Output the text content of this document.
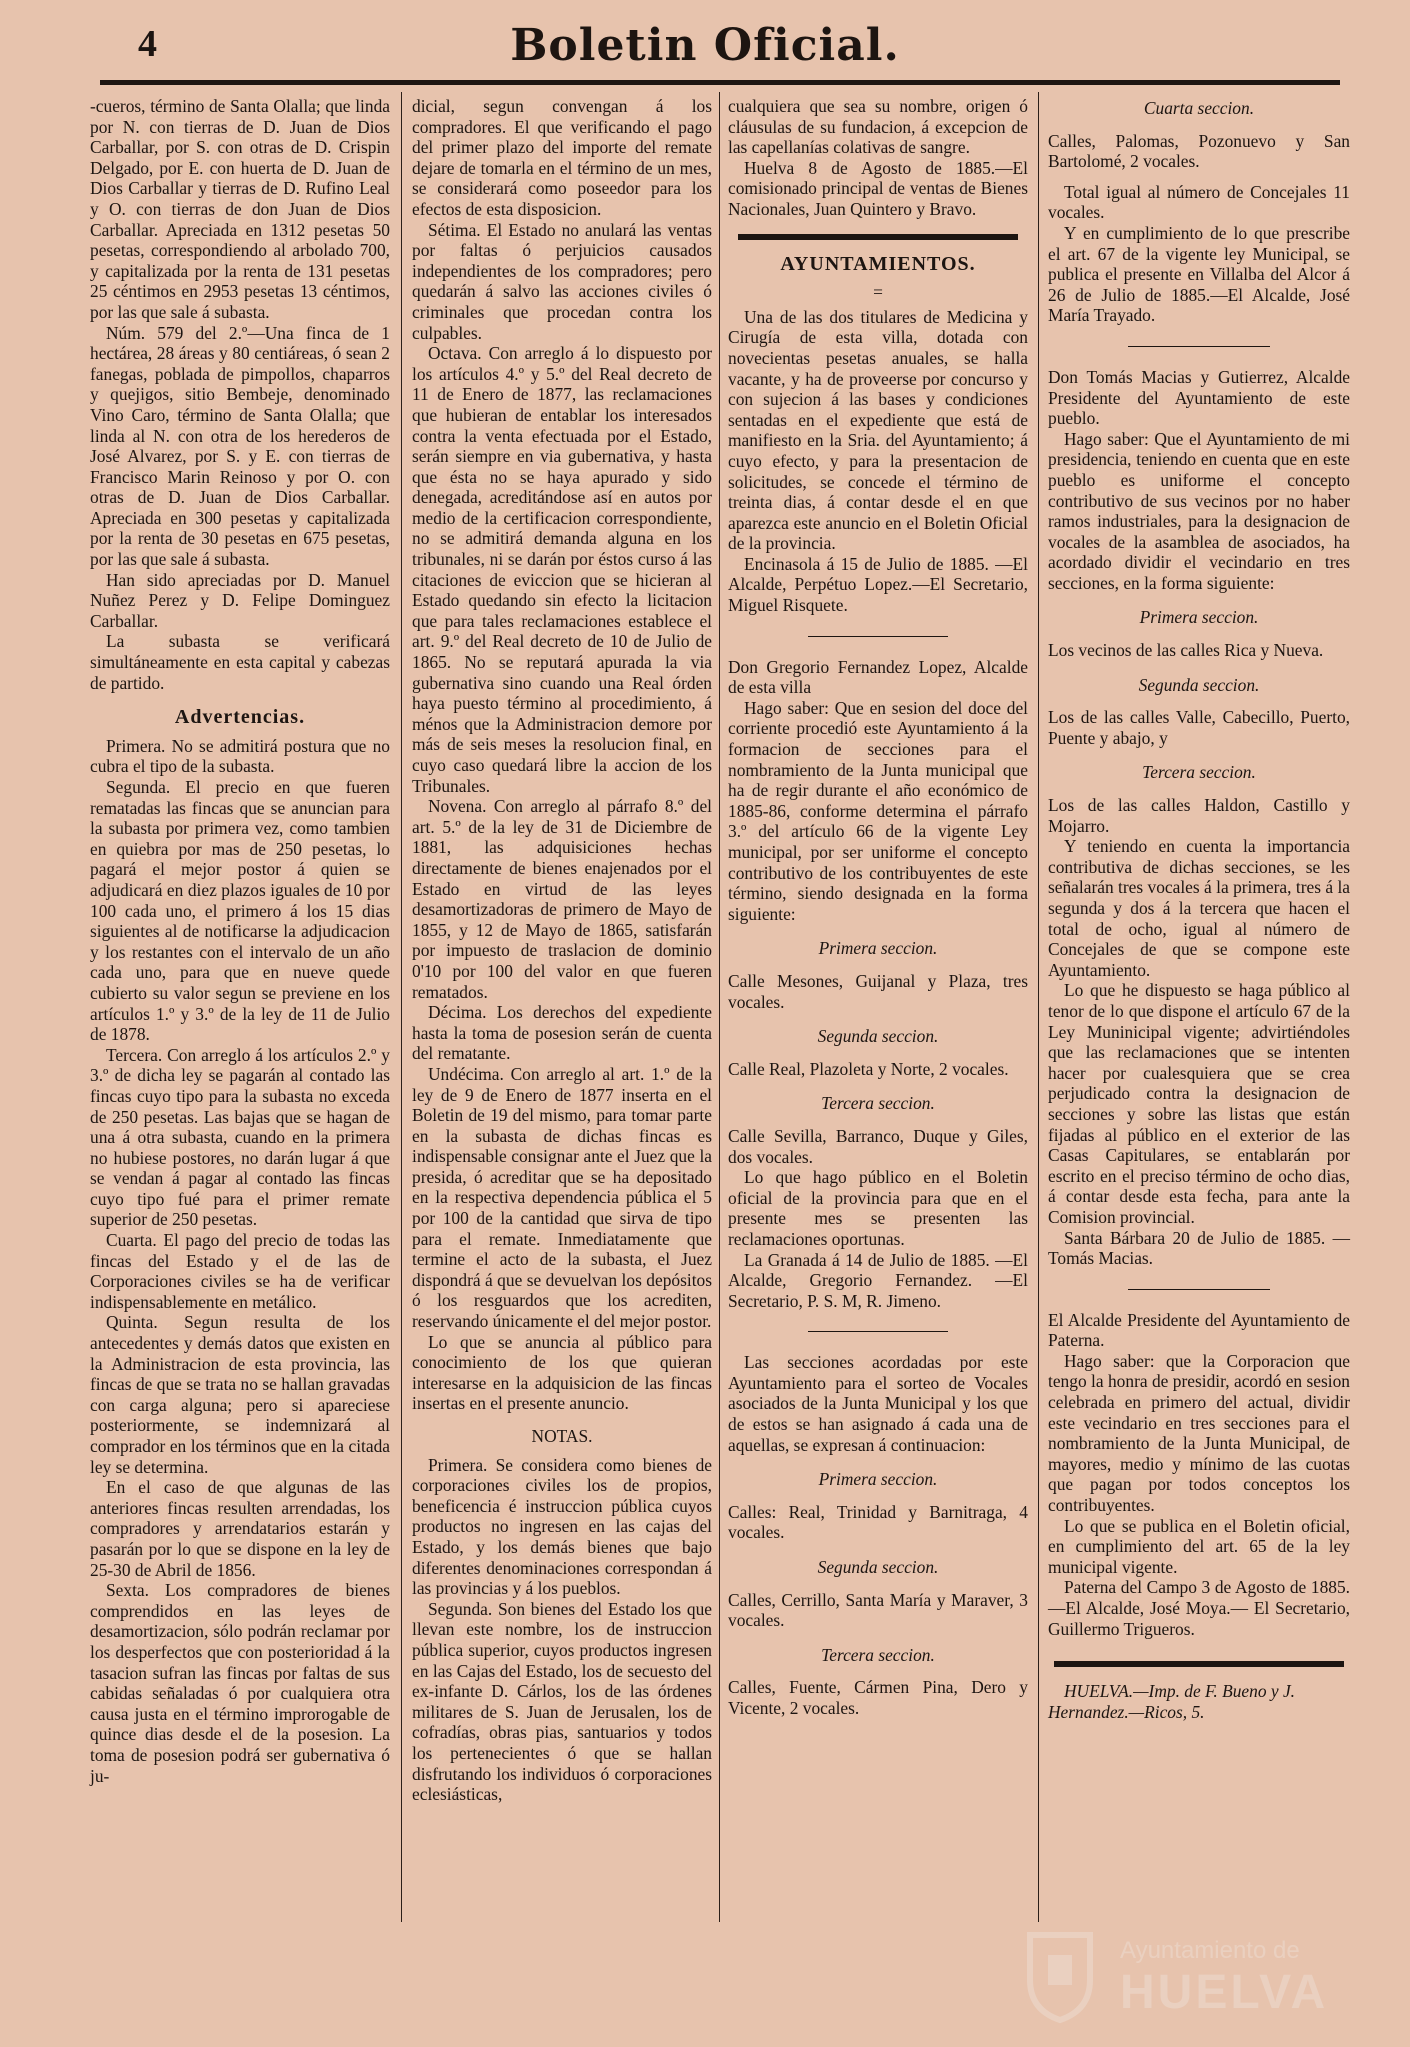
4	Boletin Oficial.

-cueros, término de Santa Olalla; que linda por N. con tierras de D. Juan de Dios Carballar, por S. con otras de D. Crispin Delgado, por E. con huerta de D. Juan de Dios Carballar y tierras de D. Rufino Leal y O. con tierras de don Juan de Dios Carballar. Apreciada en 1312 pesetas 50 pesetas, correspondiendo al arbolado 700, y capitalizada por la renta de 131 pesetas 25 céntimos en 2953 pesetas 13 céntimos, por las que sale á subasta.

Núm. 579 del 2.º—Una finca de 1 hectárea, 28 áreas y 80 centiáreas, ó sean 2 fanegas, poblada de pimpollos, chaparros y quejigos, sitio Bembeje, denominado Vino Caro, término de Santa Olalla; que linda al N. con otra de los herederos de José Alvarez, por S. y E. con tierras de Francisco Marin Reinoso y por O. con otras de D. Juan de Dios Carballar. Apreciada en 300 pesetas y capitalizada por la renta de 30 pesetas en 675 pesetas, por las que sale á subasta.

Han sido apreciadas por D. Manuel Nuñez Perez y D. Felipe Dominguez Carballar.

La subasta se verificará simultáneamente en esta capital y cabezas de partido.

Advertencias.

Primera. No se admitirá postura que no cubra el tipo de la subasta.

Segunda. El precio en que fueren rematadas las fincas que se anuncian para la subasta por primera vez, como tambien en quiebra por mas de 250 pesetas, lo pagará el mejor postor á quien se adjudicará en diez plazos iguales de 10 por 100 cada uno, el primero á los 15 dias siguientes al de notificarse la adjudicacion y los restantes con el intervalo de un año cada uno, para que en nueve quede cubierto su valor segun se previene en los artículos 1.º y 3.º de la ley de 11 de Julio de 1878.

Tercera. Con arreglo á los artículos 2.º y 3.º de dicha ley se pagarán al contado las fincas cuyo tipo para la subasta no exceda de 250 pesetas. Las bajas que se hagan de una á otra subasta, cuando en la primera no hubiese postores, no darán lugar á que se vendan á pagar al contado las fincas cuyo tipo fué para el primer remate superior de 250 pesetas.

Cuarta. El pago del precio de todas las fincas del Estado y el de las de Corporaciones civiles se ha de verificar indispensablemente en metálico.

Quinta. Segun resulta de los antecedentes y demás datos que existen en la Administracion de esta provincia, las fincas de que se trata no se hallan gravadas con carga alguna; pero si apareciese posteriormente, se indemnizará al comprador en los términos que en la citada ley se determina.

En el caso de que algunas de las anteriores fincas resulten arrendadas, los compradores y arrendatarios estarán y pasarán por lo que se dispone en la ley de 25-30 de Abril de 1856.

Sexta. Los compradores de bienes comprendidos en las leyes de desamortizacion, sólo podrán reclamar por los desperfectos que con posterioridad á la tasacion sufran las fincas por faltas de sus cabidas señaladas ó por cualquiera otra causa justa en el término improrogable de quince dias desde el de la posesion. La toma de posesion podrá ser gubernativa ó ju-

dicial, segun convengan á los compradores. El que verificando el pago del primer plazo del importe del remate dejare de tomarla en el término de un mes, se considerará como poseedor para los efectos de esta disposicion.

Sétima. El Estado no anulará las ventas por faltas ó perjuicios causados independientes de los compradores; pero quedarán á salvo las acciones civiles ó criminales que procedan contra los culpables.

Octava. Con arreglo á lo dispuesto por los artículos 4.º y 5.º del Real decreto de 11 de Enero de 1877, las reclamaciones que hubieran de entablar los interesados contra la venta efectuada por el Estado, serán siempre en via gubernativa, y hasta que ésta no se haya apurado y sido denegada, acreditándose así en autos por medio de la certificacion correspondiente, no se admitirá demanda alguna en los tribunales, ni se darán por éstos curso á las citaciones de eviccion que se hicieran al Estado quedando sin efecto la licitacion que para tales reclamaciones establece el art. 9.º del Real decreto de 10 de Julio de 1865. No se reputará apurada la via gubernativa sino cuando una Real órden haya puesto término al procedimiento, á ménos que la Administracion demore por más de seis meses la resolucion final, en cuyo caso quedará libre la accion de los Tribunales.

Novena. Con arreglo al párrafo 8.º del art. 5.º de la ley de 31 de Diciembre de 1881, las adquisiciones hechas directamente de bienes enajenados por el Estado en virtud de las leyes desamortizadoras de primero de Mayo de 1855, y 12 de Mayo de 1865, satisfarán por impuesto de traslacion de dominio 0'10 por 100 del valor en que fueren rematados.

Décima. Los derechos del expediente hasta la toma de posesion serán de cuenta del rematante.

Undécima. Con arreglo al art. 1.º de la ley de 9 de Enero de 1877 inserta en el Boletin de 19 del mismo, para tomar parte en la subasta de dichas fincas es indispensable consignar ante el Juez que la presida, ó acreditar que se ha depositado en la respectiva dependencia pública el 5 por 100 de la cantidad que sirva de tipo para el remate. Inmediatamente que termine el acto de la subasta, el Juez dispondrá á que se devuelvan los depósitos ó los resguardos que los acrediten, reservando únicamente el del mejor postor.

Lo que se anuncia al público para conocimiento de los que quieran interesarse en la adquisicion de las fincas insertas en el presente anuncio.

NOTAS.

Primera. Se considera como bienes de corporaciones civiles los de propios, beneficencia é instruccion pública cuyos productos no ingresen en las cajas del Estado, y los demás bienes que bajo diferentes denominaciones correspondan á las provincias y á los pueblos.

Segunda. Son bienes del Estado los que llevan este nombre, los de instruccion pública superior, cuyos productos ingresen en las Cajas del Estado, los de secuesto del ex-infante D. Cárlos, los de las órdenes militares de S. Juan de Jerusalen, los de cofradías, obras pias, santuarios y todos los pertenecientes ó que se hallan disfrutando los individuos ó corporaciones eclesiásticas,

cualquiera que sea su nombre, origen ó cláusulas de su fundacion, á excepcion de las capellanías colativas de sangre.

Huelva 8 de Agosto de 1885.—El comisionado principal de ventas de Bienes Nacionales, Juan Quintero y Bravo.

AYUNTAMIENTOS.
=

Una de las dos titulares de Medicina y Cirugía de esta villa, dotada con novecientas pesetas anuales, se halla vacante, y ha de proveerse por concurso y con sujecion á las bases y condiciones sentadas en el expediente que está de manifiesto en la Sria. del Ayuntamiento; á cuyo efecto, y para la presentacion de solicitudes, se concede el término de treinta dias, á contar desde el en que aparezca este anuncio en el Boletin Oficial de la provincia.

Encinasola á 15 de Julio de 1885. —El Alcalde, Perpétuo Lopez.—El Secretario, Miguel Risquete.

Don Gregorio Fernandez Lopez, Alcalde de esta villa

Hago saber: Que en sesion del doce del corriente procedió este Ayuntamiento á la formacion de secciones para el nombramiento de la Junta municipal que ha de regir durante el año económico de 1885-86, conforme determina el párrafo 3.º del artículo 66 de la vigente Ley municipal, por ser uniforme el concepto contributivo de los contribuyentes de este término, siendo designada en la forma siguiente:

Primera seccion.

Calle Mesones, Guijanal y Plaza, tres vocales.

Segunda seccion.

Calle Real, Plazoleta y Norte, 2 vocales.

Tercera seccion.

Calle Sevilla, Barranco, Duque y Giles, dos vocales.

Lo que hago público en el Boletin oficial de la provincia para que en el presente mes se presenten las reclamaciones oportunas.

La Granada á 14 de Julio de 1885. —El Alcalde, Gregorio Fernandez. —El Secretario, P. S. M, R. Jimeno.

Las secciones acordadas por este Ayuntamiento para el sorteo de Vocales asociados de la Junta Municipal y los que de estos se han asignado á cada una de aquellas, se expresan á continuacion:

Primera seccion.

Calles: Real, Trinidad y Barnitraga, 4 vocales.

Segunda seccion.

Calles, Cerrillo, Santa María y Maraver, 3 vocales.

Tercera seccion.

Calles, Fuente, Cármen Pina, Dero y Vicente, 2 vocales.

Cuarta seccion.

Calles, Palomas, Pozonuevo y San Bartolomé, 2 vocales.

Total igual al número de Concejales 11 vocales.

Y en cumplimiento de lo que prescribe el art. 67 de la vigente ley Municipal, se publica el presente en Villalba del Alcor á 26 de Julio de 1885.—El Alcalde, José María Trayado.

Don Tomás Macias y Gutierrez, Alcalde Presidente del Ayuntamiento de este pueblo.

Hago saber: Que el Ayuntamiento de mi presidencia, teniendo en cuenta que en este pueblo es uniforme el concepto contributivo de sus vecinos por no haber ramos industriales, para la designacion de vocales de la asamblea de asociados, ha acordado dividir el vecindario en tres secciones, en la forma siguiente:

Primera seccion.

Los vecinos de las calles Rica y Nueva.

Segunda seccion.

Los de las calles Valle, Cabecillo, Puerto, Puente y abajo, y

Tercera seccion.

Los de las calles Haldon, Castillo y Mojarro.

Y teniendo en cuenta la importancia contributiva de dichas secciones, se les señalarán tres vocales á la primera, tres á la segunda y dos á la tercera que hacen el total de ocho, igual al número de Concejales de que se compone este Ayuntamiento.

Lo que he dispuesto se haga público al tenor de lo que dispone el artículo 67 de la Ley Muninicipal vigente; advirtiéndoles que las reclamaciones que se intenten hacer por cualesquiera que se crea perjudicado contra la designacion de secciones y sobre las listas que están fijadas al público en el exterior de las Casas Capitulares, se entablarán por escrito en el preciso término de ocho dias, á contar desde esta fecha, para ante la Comision provincial.

Santa Bárbara 20 de Julio de 1885. —Tomás Macias.

El Alcalde Presidente del Ayuntamiento de Paterna.

Hago saber: que la Corporacion que tengo la honra de presidir, acordó en sesion celebrada en primero del actual, dividir este vecindario en tres secciones para el nombramiento de la Junta Municipal, de mayores, medio y mínimo de las cuotas que pagan por todos conceptos los contribuyentes.

Lo que se publica en el Boletin oficial, en cumplimiento del art. 65 de la ley municipal vigente.

Paterna del Campo 3 de Agosto de 1885.—El Alcalde, José Moya.— El Secretario, Guillermo Trigueros.

HUELVA.—Imp. de F. Bueno y J. Hernandez.—Ricos, 5.

Ayuntamiento de
HUELVA
